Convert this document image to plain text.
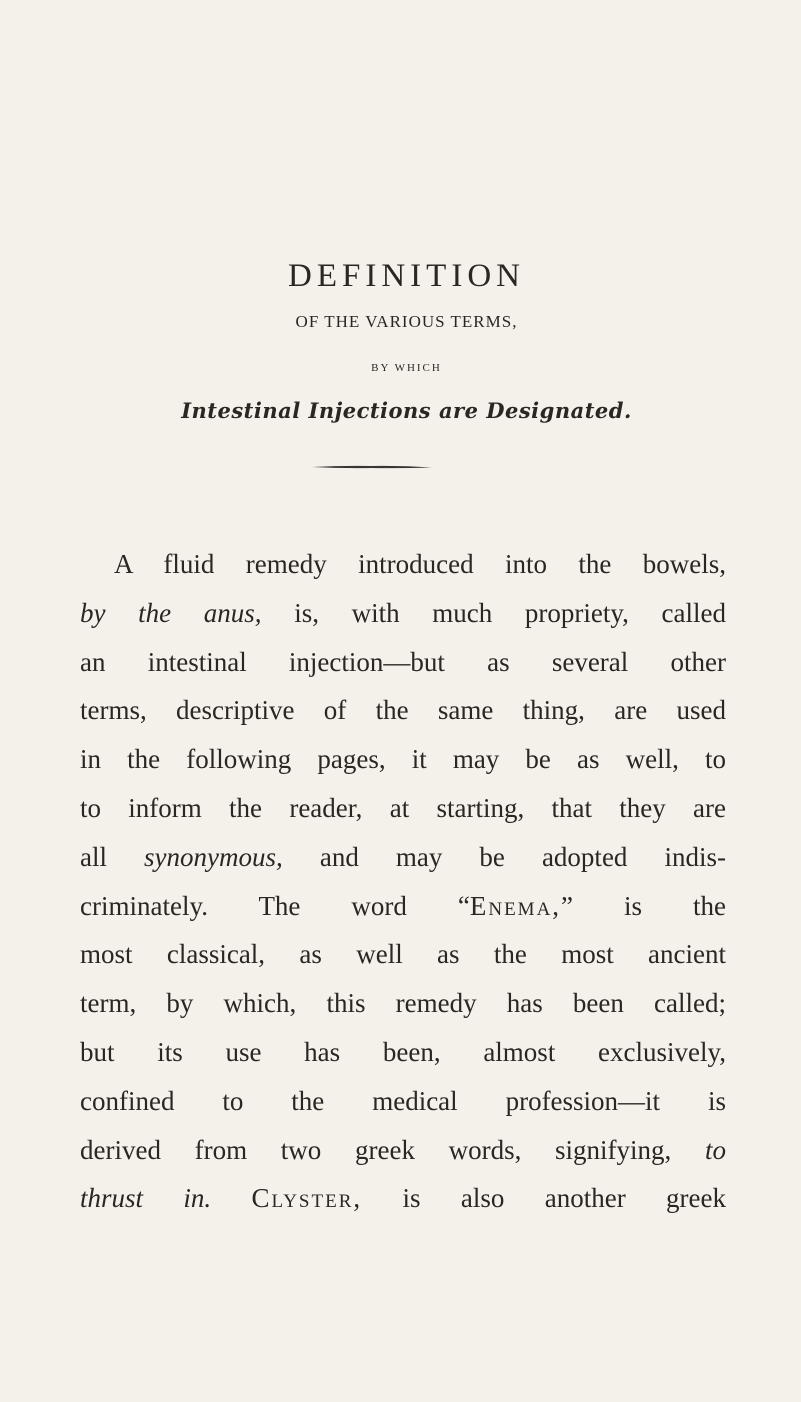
DEFINITION
OF THE VARIOUS TERMS,
BY WHICH
Intestinal Injections are Designated.
A fluid remedy introduced into the bowels,
by the anus, is, with much propriety, called
an intestinal injection—but as several other
terms, descriptive of the same thing, are used
in the following pages, it may be as well, to
to inform the reader, at starting, that they are
all synonymous, and may be adopted indis-
criminately. The word “Enema,” is the
most classical, as well as the most ancient
term, by which, this remedy has been called;
but its use has been, almost exclusively,
confined to the medical profession—it is
derived from two greek words, signifying, to
thrust in. Clyster, is also another greek
